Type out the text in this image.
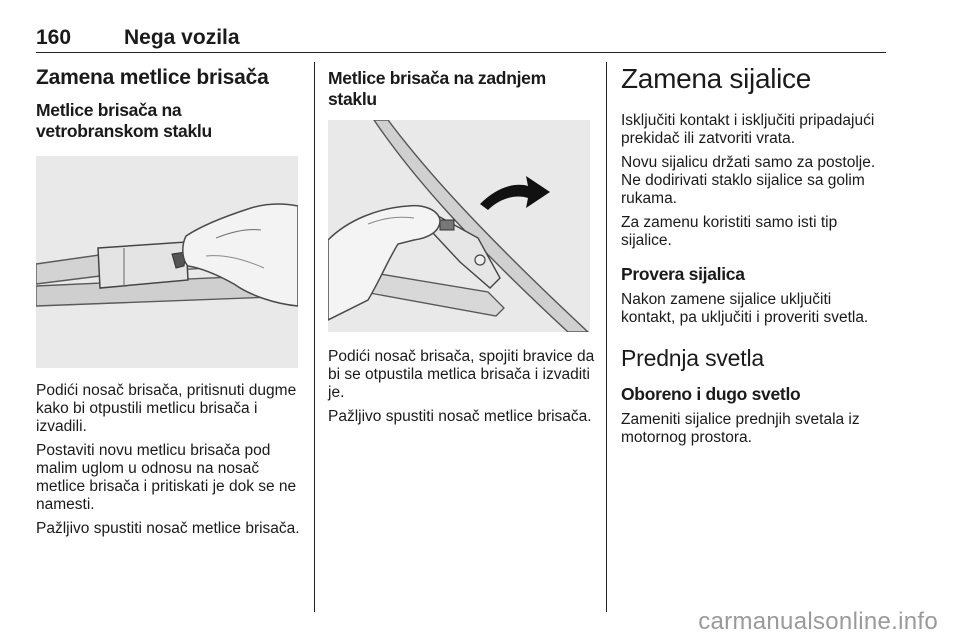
160	Nega vozila
Zamena metlice brisača
Metlice brisača na vetrobranskom staklu

Podići nosač brisača, pritisnuti dugme kako bi otpustili metlicu brisača i izvadili.

Postaviti novu metlicu brisača pod malim uglom u odnosu na nosač metlice brisača i pritiskati je dok se ne namesti.

Pažljivo spustiti nosač metlice brisača.

Metlice brisača na zadnjem staklu

Podići nosač brisača, spojiti bravice da bi se otpustila metlica brisača i izvaditi je.

Pažljivo spustiti nosač metlice brisača.

Zamena sijalice

Isključiti kontakt i isključiti pripadajući prekidač ili zatvoriti vrata.

Novu sijalicu držati samo za postolje. Ne dodirivati staklo sijalice sa golim rukama.

Za zamenu koristiti samo isti tip sijalice.

Provera sijalica

Nakon zamene sijalice uključiti kontakt, pa uključiti i proveriti svetla.

Prednja svetla
Oboreno i dugo svetlo

Zameniti sijalice prednjih svetala iz motornog prostora.

carmanualsonline.info
